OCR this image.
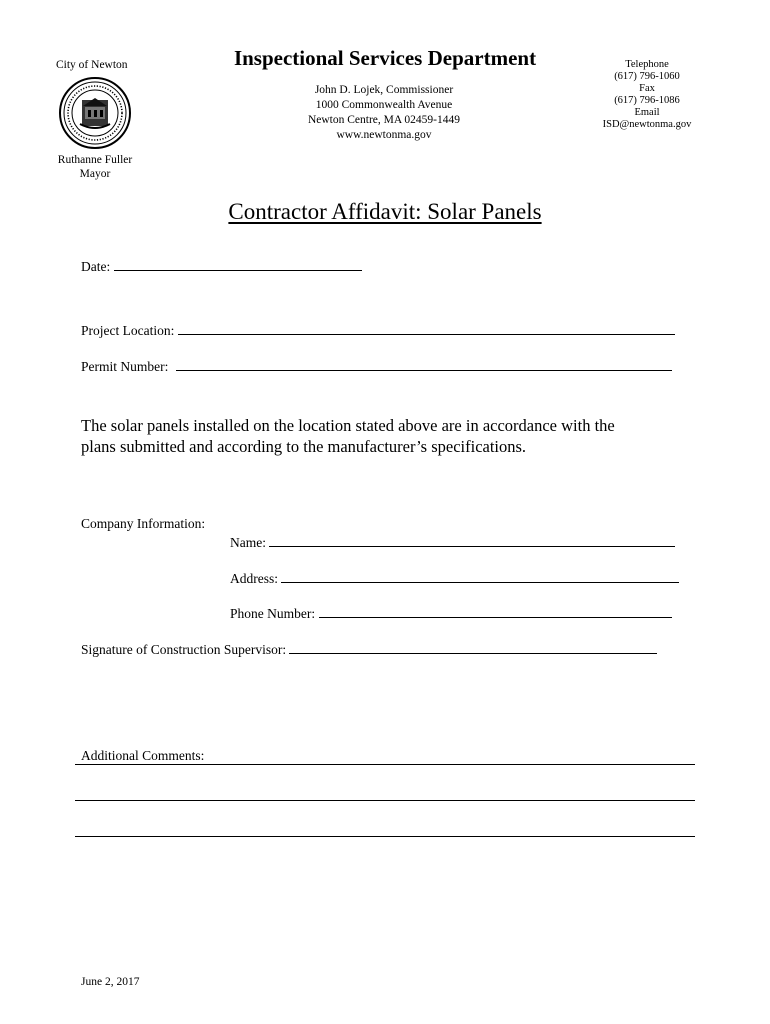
City of Newton
Ruthanne Fuller
Mayor
Inspectional Services Department
John D. Lojek, Commissioner
1000 Commonwealth Avenue
Newton Centre, MA 02459-1449
www.newtonma.gov
Telephone
(617) 796-1060
Fax
(617) 796-1086
Email
ISD@newtonma.gov
Contractor Affidavit: Solar Panels
Date:
Project Location:
Permit Number:
The solar panels installed on the location stated above are in accordance with the
plans submitted and according to the manufacturer’s specifications.
Company Information:
Name:
Address:
Phone Number:
Signature of Construction Supervisor:
Additional Comments:
June 2, 2017
